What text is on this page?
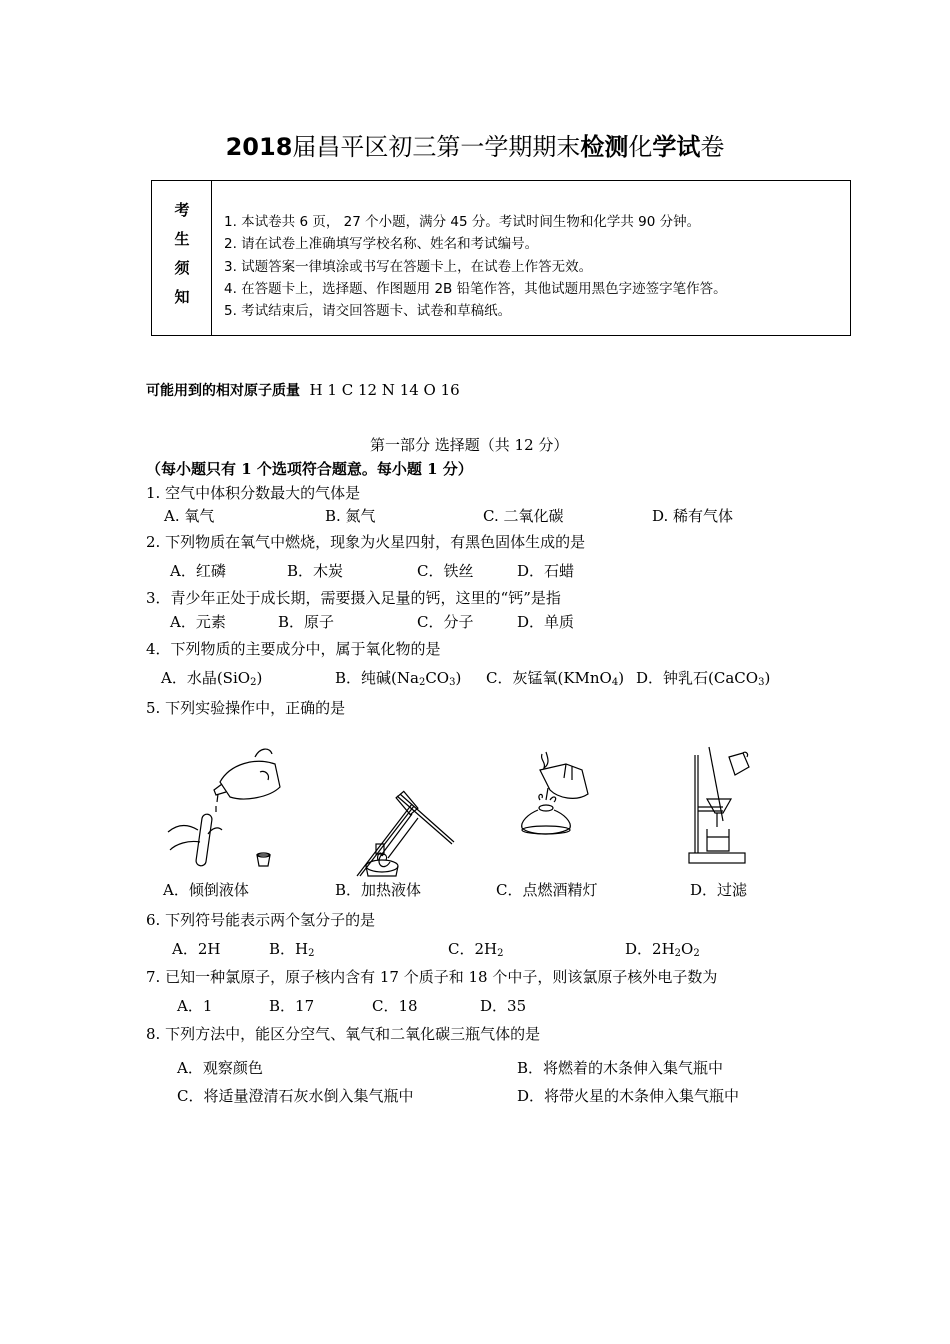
2018届昌平区初三第一学期期末检测化学试卷
考
生
须
知
1. 本试卷共 6 页， 27 个小题，满分 45 分。考试时间生物和化学共 90 分钟。
2. 请在试卷上准确填写学校名称、姓名和考试编号。
3. 试题答案一律填涂或书写在答题卡上，在试卷上作答无效。
4. 在答题卡上，选择题、作图题用 2B 铅笔作答，其他试题用黑色字迹签字笔作答。
5. 考试结束后，请交回答题卡、试卷和草稿纸。
可能用到的相对原子质量 H 1 C 12 N 14 O 16
第一部分 选择题（共 12 分）
（每小题只有 1 个选项符合题意。每小题 1 分）
1. 空气中体积分数最大的气体是
A. 氧气	B. 氮气	C. 二氧化碳	D. 稀有气体
2. 下列物质在氧气中燃烧，现象为火星四射，有黑色固体生成的是
A．红磷	B．木炭	C．铁丝	D．石蜡
3．青少年正处于成长期，需要摄入足量的钙，这里的“钙”是指
A．元素	B．原子	C．分子	D．单质
4．下列物质的主要成分中，属于氧化物的是
A．水晶(SiO$_2$)	B．纯碱$(Na_2CO_3)$ C．灰锰氧(KMnO$_4$) D．钟乳石(CaCO$_3$)
5. 下列实验操作中，正确的是
A．倾倒液体	B．加热液体	C．点燃酒精灯	D．过滤
6. 下列符号能表示两个氢分子的是
A．2H	B．$H_2$	C．$2H_2$	D．$2H_2O_2$
7. 已知一种氯原子，原子核内含有 17 个质子和 18 个中子，则该氯原子核外电子数为
A．1	B．17	C．18	D．35
8. 下列方法中，能区分空气、氧气和二氧化碳三瓶气体的是
A．观察颜色	B．将燃着的木条伸入集气瓶中
C．将适量澄清石灰水倒入集气瓶中	D．将带火星的木条伸入集气瓶中
